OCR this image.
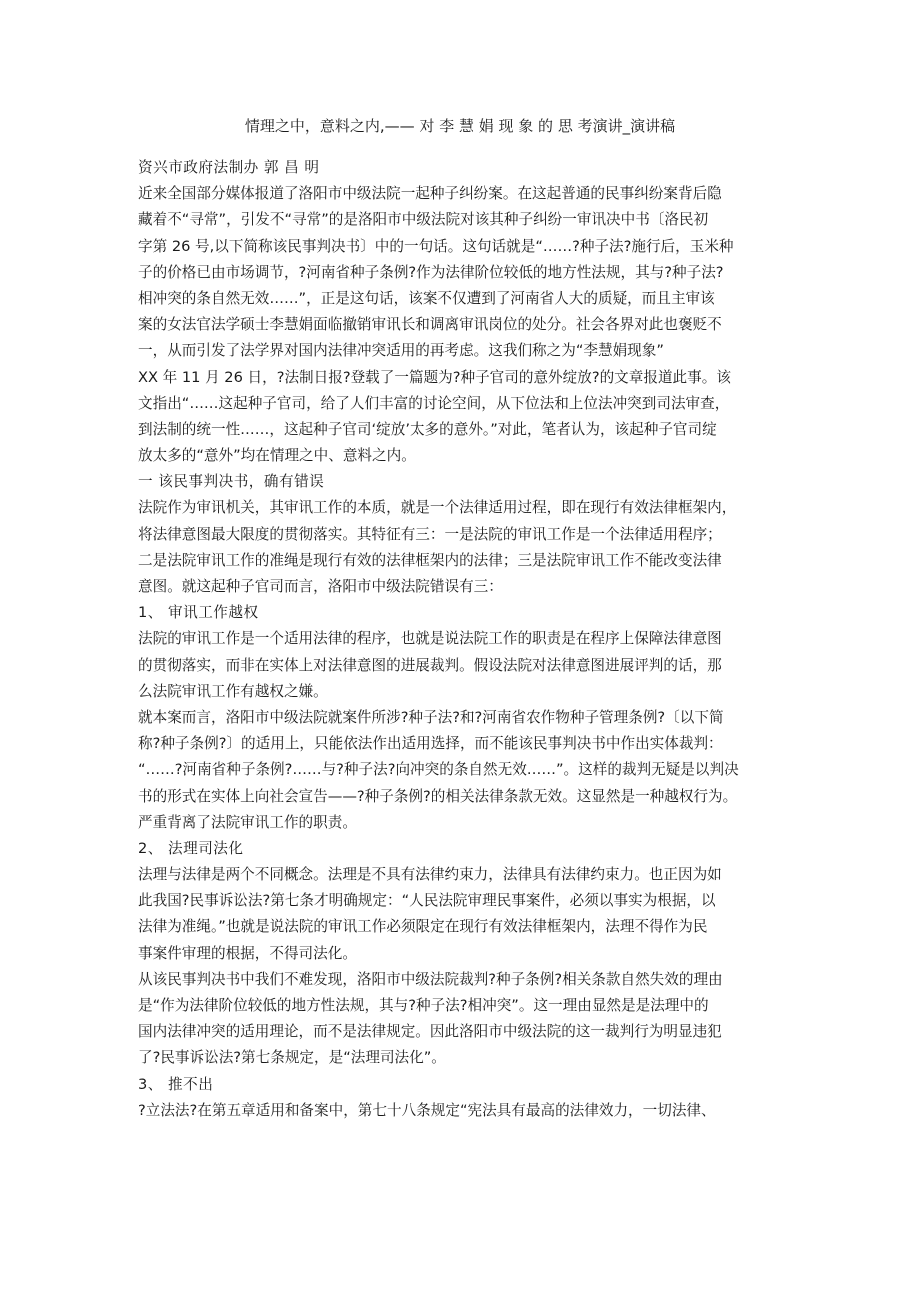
情理之中，意料之内,—— 对 李 慧 娟 现 象 的 思 考演讲_演讲稿
资兴市政府法制办 郭 昌 明
近来全国部分媒体报道了洛阳市中级法院一起种子纠纷案。在这起普通的民事纠纷案背后隐
藏着不“寻常”，引发不“寻常”的是洛阳市中级法院对该其种子纠纷一审讯决中书〔洛民初
字第 26 号,以下简称该民事判决书〕中的一句话。这句话就是“……?种子法?施行后，玉米种
子的价格已由市场调节，?河南省种子条例?作为法律阶位较低的地方性法规，其与?种子法?
相冲突的条自然无效……”，正是这句话，该案不仅遭到了河南省人大的质疑，而且主审该
案的女法官法学硕士李慧娟面临撤销审讯长和调离审讯岗位的处分。社会各界对此也褒贬不
一，从而引发了法学界对国内法律冲突适用的再考虑。这我们称之为“李慧娟现象”
XX 年 11 月 26 日，?法制日报?登载了一篇题为?种子官司的意外绽放?的文章报道此事。该
文指出“……这起种子官司，给了人们丰富的讨论空间，从下位法和上位法冲突到司法审查，
到法制的统一性……，这起种子官司‘绽放’太多的意外。”对此，笔者认为，该起种子官司绽
放太多的“意外”均在情理之中、意料之内。
一 该民事判决书，确有错误
法院作为审讯机关，其审讯工作的本质，就是一个法律适用过程，即在现行有效法律框架内，
将法律意图最大限度的贯彻落实。其特征有三：一是法院的审讯工作是一个法律适用程序；
二是法院审讯工作的准绳是现行有效的法律框架内的法律；三是法院审讯工作不能改变法律
意图。就这起种子官司而言，洛阳市中级法院错误有三：
1、 审讯工作越权
法院的审讯工作是一个适用法律的程序，也就是说法院工作的职责是在程序上保障法律意图
的贯彻落实，而非在实体上对法律意图的进展裁判。假设法院对法律意图进展评判的话，那
么法院审讯工作有越权之嫌。
就本案而言，洛阳市中级法院就案件所涉?种子法?和?河南省农作物种子管理条例?〔以下简
称?种子条例?〕的适用上，只能依法作出适用选择，而不能该民事判决书中作出实体裁判：
“……?河南省种子条例?……与?种子法?向冲突的条自然无效……”。这样的裁判无疑是以判决
书的形式在实体上向社会宣告——?种子条例?的相关法律条款无效。这显然是一种越权行为。
严重背离了法院审讯工作的职责。
2、 法理司法化
法理与法律是两个不同概念。法理是不具有法律约束力，法律具有法律约束力。也正因为如
此我国?民事诉讼法?第七条才明确规定：“人民法院审理民事案件，必须以事实为根据，以
法律为准绳。”也就是说法院的审讯工作必须限定在现行有效法律框架内，法理不得作为民
事案件审理的根据，不得司法化。
从该民事判决书中我们不难发现，洛阳市中级法院裁判?种子条例?相关条款自然失效的理由
是“作为法律阶位较低的地方性法规，其与?种子法?相冲突”。这一理由显然是是法理中的
国内法律冲突的适用理论，而不是法律规定。因此洛阳市中级法院的这一裁判行为明显违犯
了?民事诉讼法?第七条规定，是“法理司法化”。
3、 推不出
?立法法?在第五章适用和备案中，第七十八条规定“宪法具有最高的法律效力，一切法律、
